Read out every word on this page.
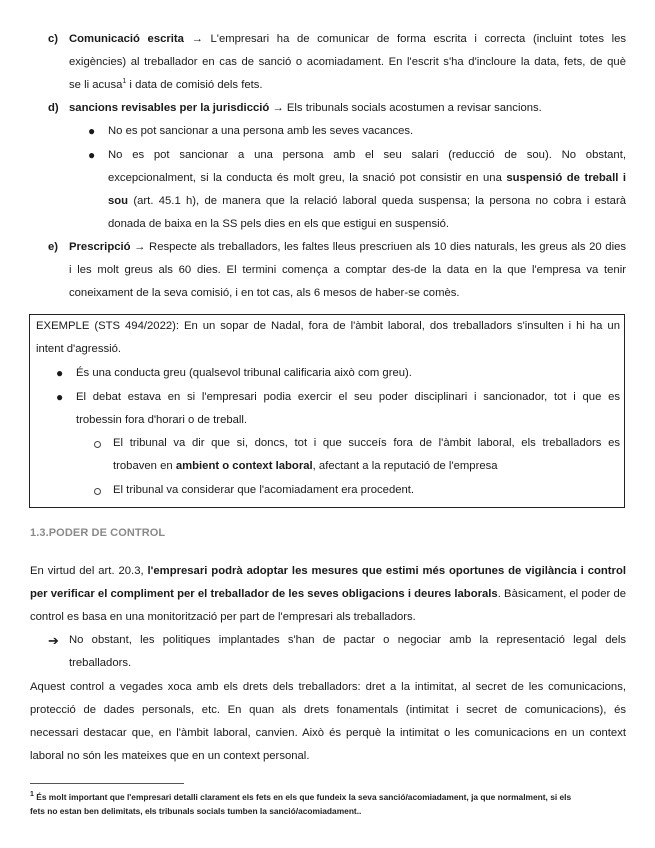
c) Comunicació escrita → L'empresari ha de comunicar de forma escrita i correcta (incluint totes les
exigències) al treballador en cas de sanció o acomiadament. En l'escrit s'ha d'incloure la data, fets, de què
se li acusa$^1$ i data de comisió dels fets.
d) sancions revisables per la jurisdicció → Els tribunals socials acostumen a revisar sancions.
● No es pot sancionar a una persona amb les seves vacances.
● No es pot sancionar a una persona amb el seu salari (reducció de sou). No obstant,
excepcionalment, si la conducta és molt greu, la snació pot consistir en una suspensió de treball i
sou (art. 45.1 h), de manera que la relació laboral queda suspensa; la persona no cobra i estarà
donada de baixa en la SS pels dies en els que estigui en suspensió.
e) Prescripció → Respecte als treballadors, les faltes lleus prescriuen als 10 dies naturals, les greus als 20 dies
i les molt greus als 60 dies. El termini comença a comptar des-de la data en la que l'empresa va tenir
coneixament de la seva comisió, i en tot cas, als 6 mesos de haber-se comès.
EXEMPLE (STS 494/2022): En un sopar de Nadal, fora de l'àmbit laboral, dos treballadors s'insulten i hi ha un
intent d'agressió.
● És una conducta greu (qualsevol tribunal calificaria això com greu).
● El debat estava en si l'empresari podia exercir el seu poder disciplinari i sancionador, tot i que es
trobessin fora d'horari o de treball.
El tribunal va dir que si, doncs, tot i que succeís fora de l'àmbit laboral, els treballadors es
trobaven en ambient o context laboral, afectant a la reputació de l'empresa
El tribunal va considerar que l'acomiadament era procedent.
1.3.PODER DE CONTROL
En virtud del art. 20.3, l'empresari podrà adoptar les mesures que estimi més oportunes de vigilància i control
per verificar el compliment per el treballador de les seves obligacions i deures laborals. Bàsicament, el poder de
control es basa en una monitorització per part de l'empresari als treballadors.
➔ No obstant, les politiques implantades s'han de pactar o negociar amb la representació legal dels
treballadors.
Aquest control a vegades xoca amb els drets dels treballadors: dret a la intimitat, al secret de les comunicacions,
protecció de dades personals, etc. En quan als drets fonamentals (intimitat i secret de comunicacions), és
necessari destacar que, en l'àmbit laboral, canvien. Això és perquè la intimitat o les comunicacions en un context
laboral no són les mateixes que en un context personal.
$^1$ És molt important que l'empresari detalli clarament els fets en els que fundeix la seva sanció/acomiadament, ja que normalment, si els
fets no estan ben delimitats, els tribunals socials tumben la sanció/acomiadament..
